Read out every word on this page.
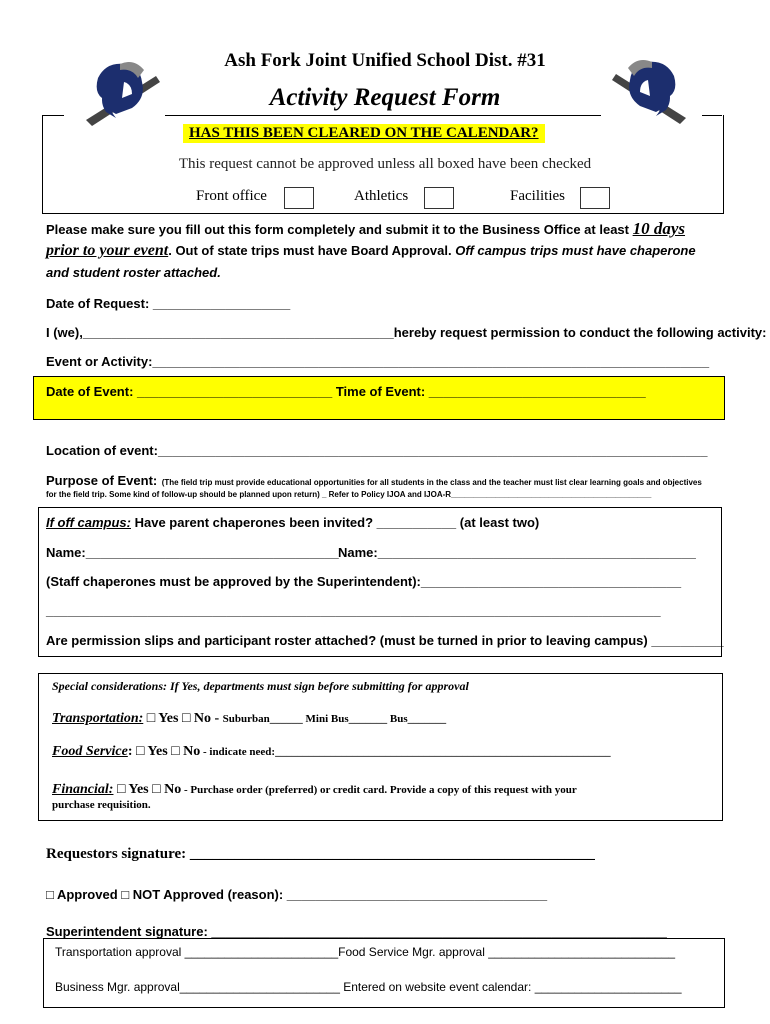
Ash Fork Joint Unified School Dist. #31
Activity Request Form
HAS THIS BEEN CLEARED ON THE CALENDAR?
This request cannot be approved unless all boxed have been checked
Front office	Athletics	Facilities
Please make sure you fill out this form completely and submit it to the Business Office at least 10 days
prior to your event. Out of state trips must have Board Approval. Off campus trips must have chaperone
and student roster attached.
Date of Request: ___________________
I (we),___________________________________________hereby request permission to conduct the following activity:
Event or Activity:_____________________________________________________________________________
Date of Event: ___________________________ Time of Event: ______________________________
Location of event:____________________________________________________________________________
Purpose of Event: (The field trip must provide educational opportunities for all students in the class and the teacher must list clear learning goals and objectives
for the field trip. Some kind of follow-up should be planned upon return) _ Refer to Policy IJOA and IJOA-R_____________________________________________
If off campus: Have parent chaperones been invited? ___________ (at least two)
Name:___________________________________ Name:____________________________________________
(Staff chaperones must be approved by the Superintendent):____________________________________
_____________________________________________________________________________________
Are permission slips and participant roster attached? (must be turned in prior to leaving campus) __________
Special considerations: If Yes, departments must sign before submitting for approval
Transportation: □ Yes □ No - Suburban______ Mini Bus_______ Bus_______
Food Service: □ Yes □ No - indicate need:_____________________________________________________________
Financial: □ Yes □ No - Purchase order (preferred) or credit card. Provide a copy of this request with your
purchase requisition.
Requestors signature: ______________________________________________________
□ Approved □ NOT Approved (reason): ____________________________________
Superintendent signature: _______________________________________________________________
Transportation approval _______________________Food Service Mgr. approval ____________________________
Business Mgr. approval________________________ Entered on website event calendar: ______________________
